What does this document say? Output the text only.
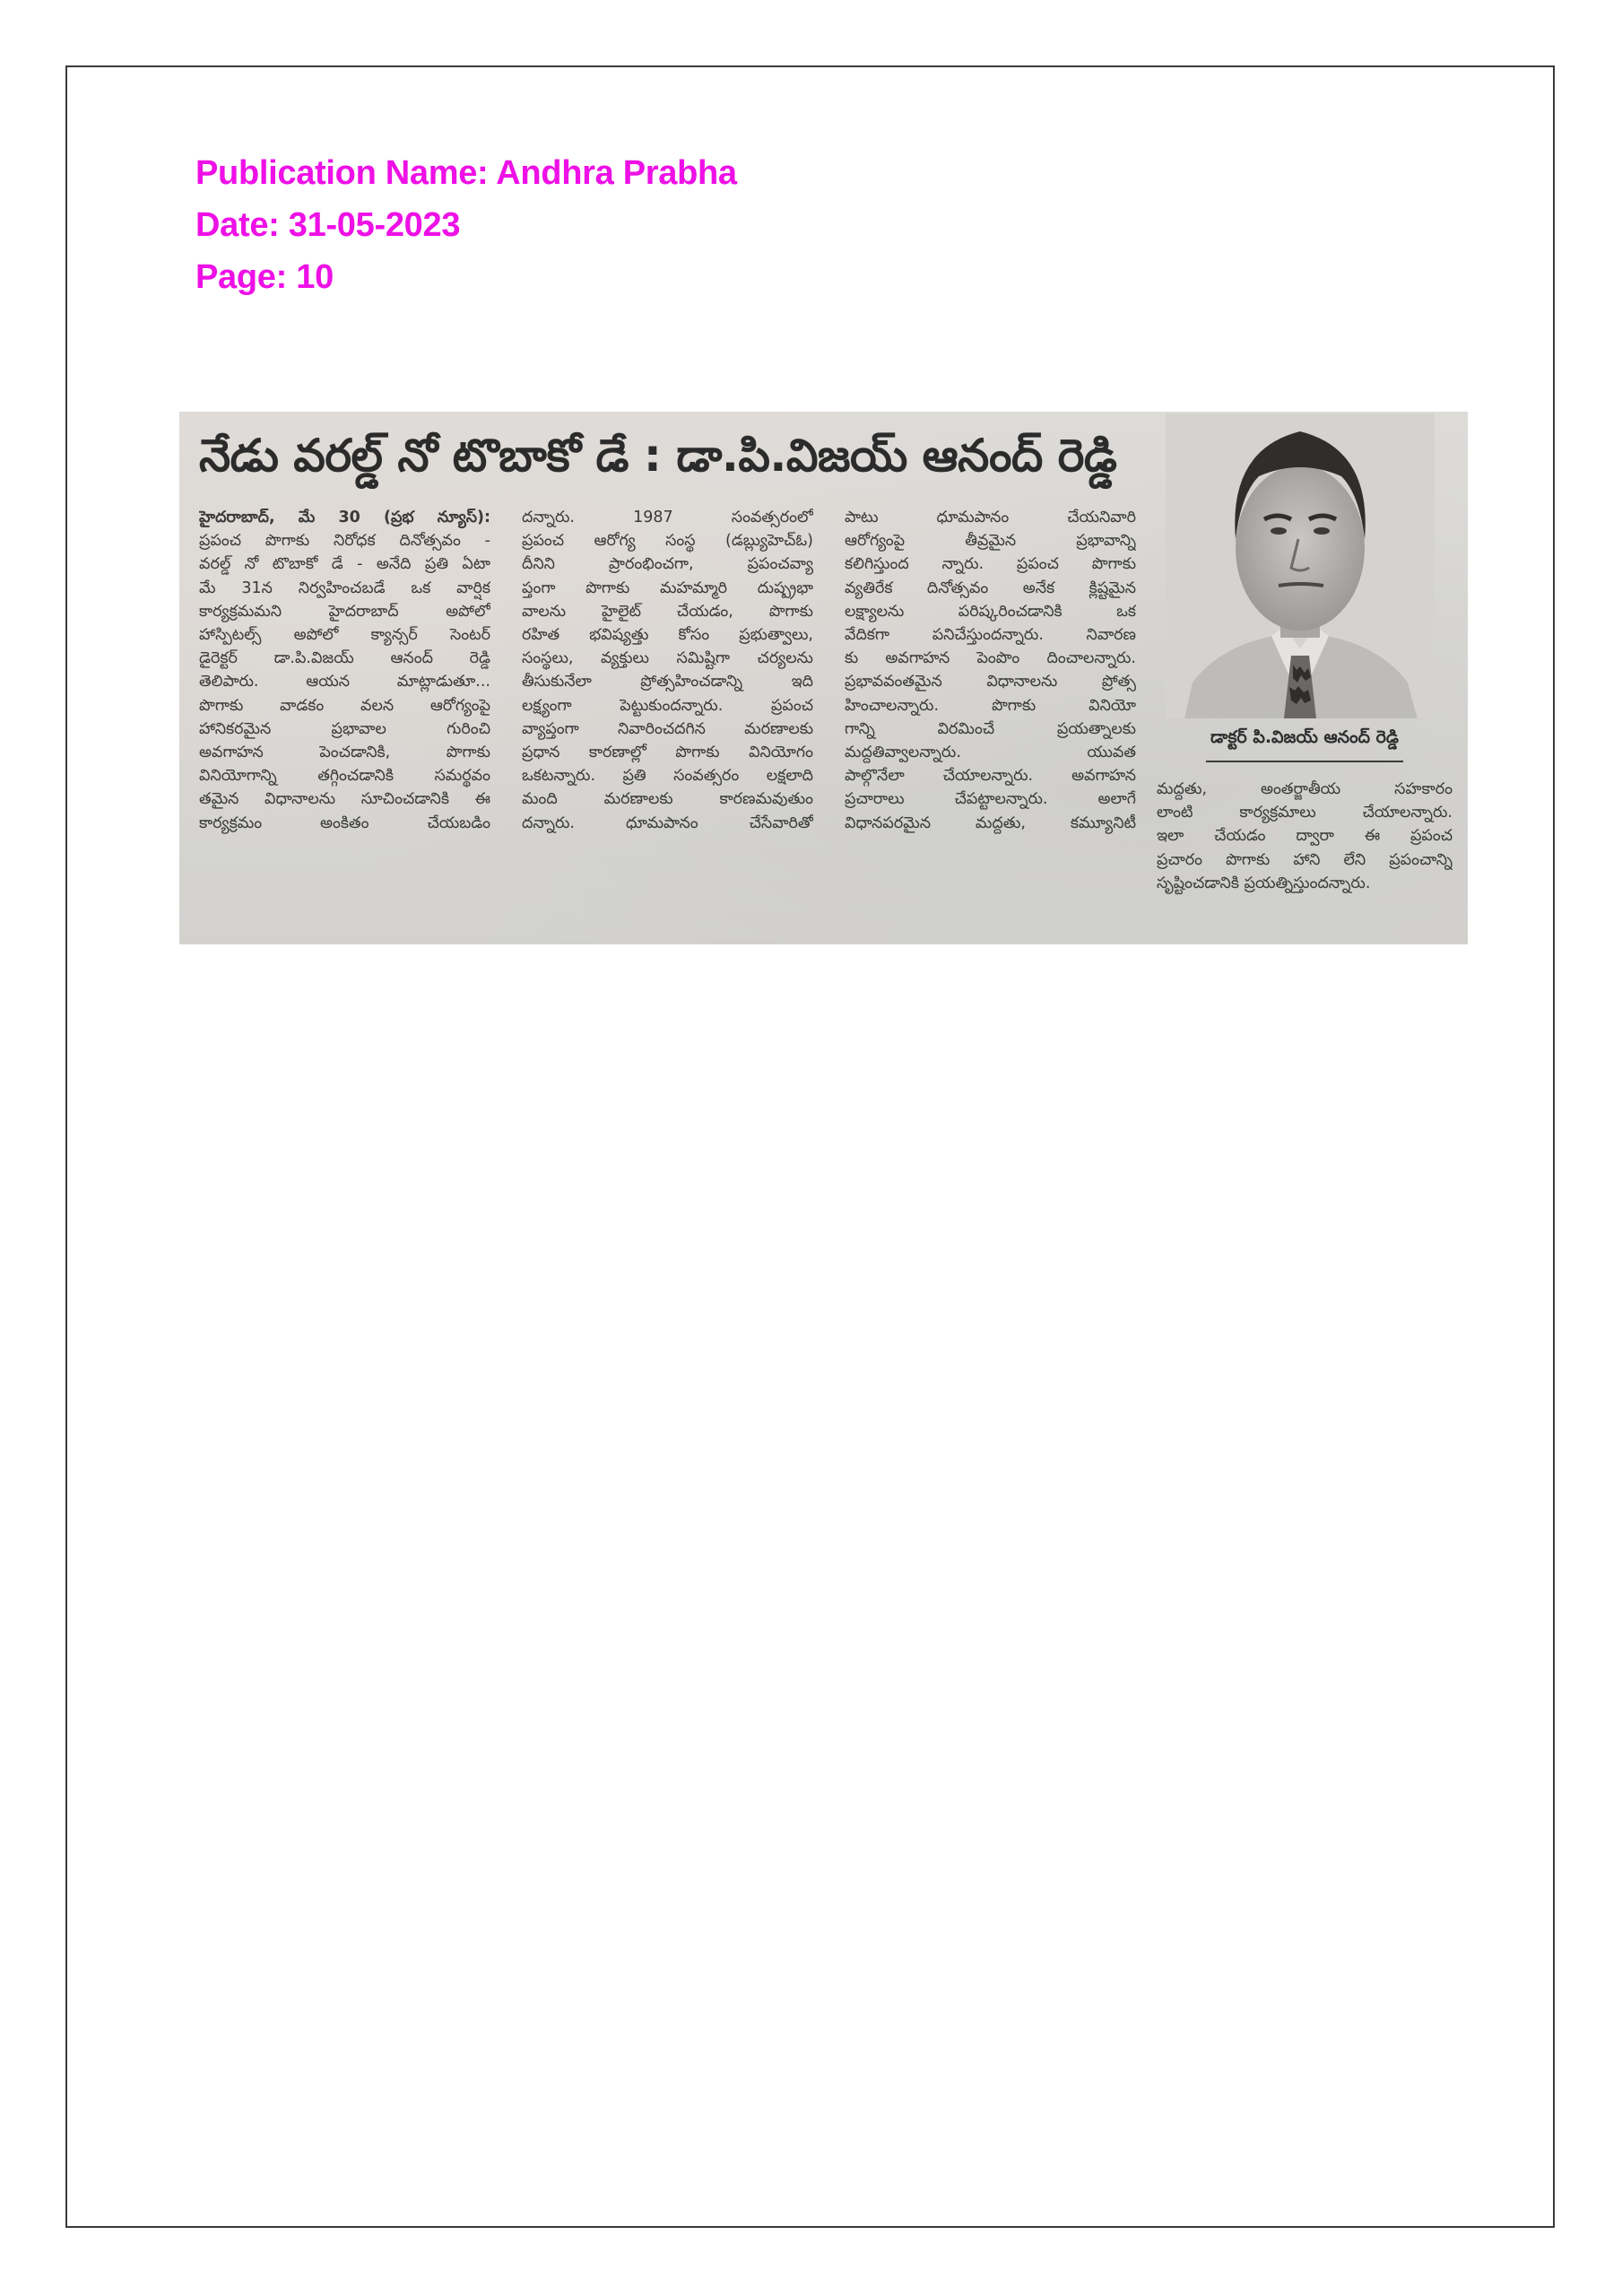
Publication Name: Andhra Prabha
Date: 31-05-2023
Page: 10
నేడు వరల్డ్ నో టొబాకో డే : డా.పి.విజయ్ ఆనంద్ రెడ్డి
హైదరాబాద్, మే 30 (ప్రభ న్యూస్):
ప్రపంచ పొగాకు నిరోధక దినోత్సవం -
వరల్డ్ నో టొబాకో డే - అనేది ప్రతి ఏటా
మే 31న నిర్వహించబడే ఒక వార్షిక
కార్యక్రమమని హైదరాబాద్ అపోలో
హాస్పిటల్స్ అపోలో క్యాన్సర్ సెంటర్
డైరెక్టర్ డా.పి.విజయ్ ఆనంద్ రెడ్డి
తెలిపారు. ఆయన మాట్లాడుతూ...
పొగాకు వాడకం వలన ఆరోగ్యంపై
హానికరమైన ప్రభావాల గురించి
అవగాహన పెంచడానికి, పొగాకు
వినియోగాన్ని తగ్గించడానికి సమర్థవం
తమైన విధానాలను సూచించడానికి ఈ
కార్యక్రమం అంకితం చేయబడిం
దన్నారు. 1987 సంవత్సరంలో
ప్రపంచ ఆరోగ్య సంస్థ (డబ్ల్యుహెచ్ఓ)
దీనిని ప్రారంభించగా, ప్రపంచవ్యా
ప్తంగా పొగాకు మహమ్మారి దుష్ప్రభా
వాలను హైలైట్ చేయడం, పొగాకు
రహిత భవిష్యత్తు కోసం ప్రభుత్వాలు,
సంస్థలు, వ్యక్తులు సమిష్టిగా చర్యలను
తీసుకునేలా ప్రోత్సహించడాన్ని ఇది
లక్ష్యంగా పెట్టుకుందన్నారు. ప్రపంచ
వ్యాప్తంగా నివారించదగిన మరణాలకు
ప్రధాన కారణాల్లో పొగాకు వినియోగం
ఒకటన్నారు. ప్రతి సంవత్సరం లక్షలాది
మంది మరణాలకు కారణమవుతుం
దన్నారు. ధూమపానం చేసేవారితో
పాటు ధూమపానం చేయనివారి
ఆరోగ్యంపై తీవ్రమైన ప్రభావాన్ని
కలిగిస్తుంద న్నారు. ప్రపంచ పొగాకు
వ్యతిరేక దినోత్సవం అనేక క్లిష్టమైన
లక్ష్యాలను పరిష్కరించడానికి ఒక
వేదికగా పనిచేస్తుందన్నారు. నివారణ
కు అవగాహన పెంపొం దించాలన్నారు.
ప్రభావవంతమైన విధానాలను ప్రోత్స
హించాలన్నారు. పొగాకు వినియో
గాన్ని విరమించే ప్రయత్నాలకు
మద్దతివ్వాలన్నారు. యువత
పాల్గొనేలా చేయాలన్నారు. అవగాహన
ప్రచారాలు చేపట్టాలన్నారు. అలాగే
విధానపరమైన మద్దతు, కమ్యూనిటీ
డాక్టర్ పి.విజయ్ ఆనంద్ రెడ్డి
మద్దతు, అంతర్జాతీయ సహకారం
లాంటి కార్యక్రమాలు చేయాలన్నారు.
ఇలా చేయడం ద్వారా ఈ ప్రపంచ
ప్రచారం పొగాకు హాని లేని ప్రపంచాన్ని
సృష్టించడానికి ప్రయత్నిస్తుందన్నారు.
